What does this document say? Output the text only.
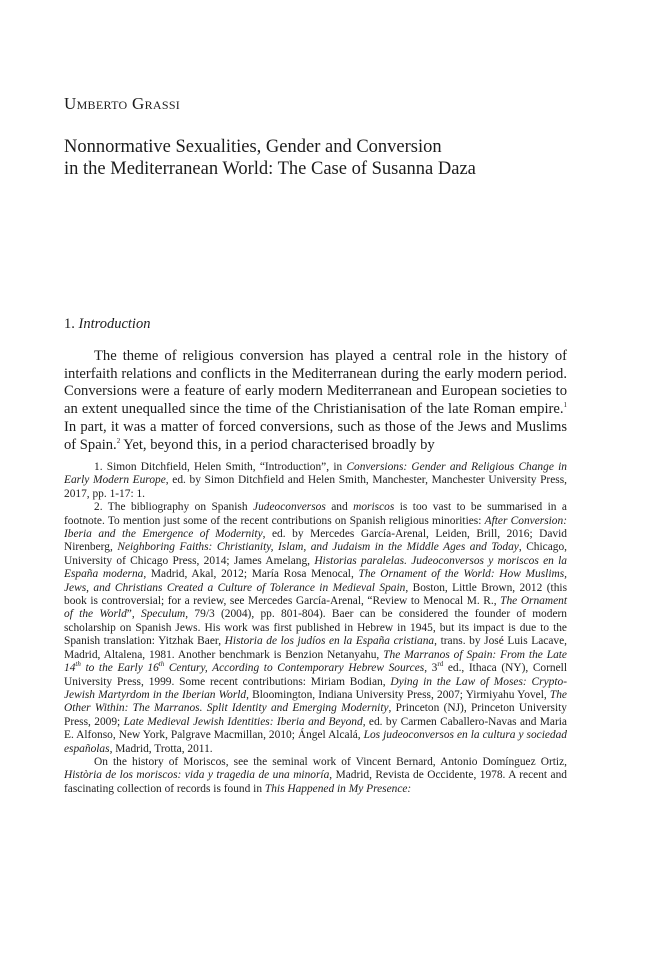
Umberto Grassi
Nonnormative Sexualities, Gender and Conversion
in the Mediterranean World: The Case of Susanna Daza
1. Introduction

The theme of religious conversion has played a central role in the history of interfaith relations and conflicts in the Mediterranean during the early modern period. Conversions were a feature of early modern Mediterranean and European societies to an extent unequalled since the time of the Christianisation of the late Roman empire.$^1$ In part, it was a matter of forced conversions, such as those of the Jews and Muslims of Spain.$^2$ Yet, beyond this, in a period characterised broadly by

1. Simon Ditchfield, Helen Smith, “Introduction”, in Conversions: Gender and Religious Change in Early Modern Europe, ed. by Simon Ditchfield and Helen Smith, Manchester, Manchester University Press, 2017, pp. 1-17: 1.

2. The bibliography on Spanish Judeoconversos and moriscos is too vast to be summarised in a footnote. To mention just some of the recent contributions on Spanish religious minorities: After Conversion: Iberia and the Emergence of Modernity, ed. by Mercedes García-Arenal, Leiden, Brill, 2016; David Nirenberg, Neighboring Faiths: Christianity, Islam, and Judaism in the Middle Ages and Today, Chicago, University of Chicago Press, 2014; James Amelang, Historias paralelas. Judeoconversos y moriscos en la España moderna, Madrid, Akal, 2012; María Rosa Menocal, The Ornament of the World: How Muslims, Jews, and Christians Created a Culture of Tolerance in Medieval Spain, Boston, Little Brown, 2012 (this book is controversial; for a review, see Mercedes García-Arenal, “Review to Menocal M. R., The Ornament of the World”, Speculum, 79/3 (2004), pp. 801-804). Baer can be considered the founder of modern scholarship on Spanish Jews. His work was first published in Hebrew in 1945, but its impact is due to the Spanish translation: Yitzhak Baer, Historia de los judíos en la España cristiana, trans. by José Luis Lacave, Madrid, Altalena, 1981. Another benchmark is Benzion Netanyahu, The Marranos of Spain: From the Late 14th to the Early 16th Century, According to Contemporary Hebrew Sources, 3rd ed., Ithaca (NY), Cornell University Press, 1999. Some recent contributions: Miriam Bodian, Dying in the Law of Moses: Crypto-Jewish Martyrdom in the Iberian World, Bloomington, Indiana University Press, 2007; Yirmiyahu Yovel, The Other Within: The Marranos. Split Identity and Emerging Modernity, Princeton (NJ), Princeton University Press, 2009; Late Medieval Jewish Identities: Iberia and Beyond, ed. by Carmen Caballero-Navas and Maria E. Alfonso, New York, Palgrave Macmillan, 2010; Ángel Alcalá, Los judeoconversos en la cultura y sociedad españolas, Madrid, Trotta, 2011.

On the history of Moriscos, see the seminal work of Vincent Bernard, Antonio Domínguez Ortiz, Història de los moriscos: vida y tragedia de una minoría, Madrid, Revista de Occidente, 1978. A recent and fascinating collection of records is found in This Happened in My Presence:
